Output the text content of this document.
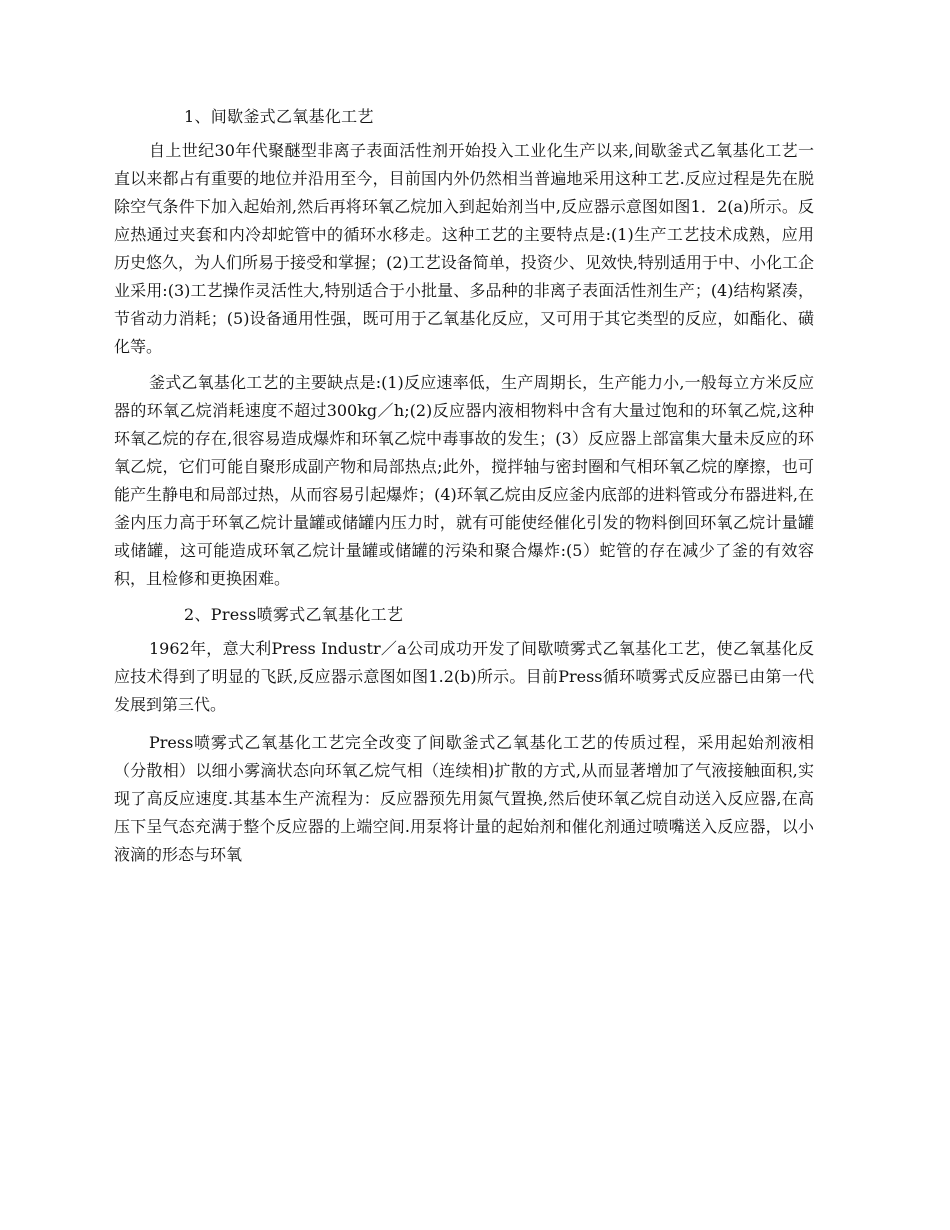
1、间歇釜式乙氧基化工艺

自上世纪30年代聚醚型非离子表面活性剂开始投入工业化生产以来,间歇釜式乙氧基化工艺一直以来都占有重要的地位并沿用至今，目前国内外仍然相当普遍地采用这种工艺.反应过程是先在脱除空气条件下加入起始剂,然后再将环氧乙烷加入到起始剂当中,反应器示意图如图1．2(a)所示。反应热通过夹套和内冷却蛇管中的循环水移走。这种工艺的主要特点是:(1)生产工艺技术成熟，应用历史悠久，为人们所易于接受和掌握；(2)工艺设备简单，投资少、见效快,特别适用于中、小化工企业采用:(3)工艺操作灵活性大,特别适合于小批量、多品种的非离子表面活性剂生产；(4)结构紧凑，节省动力消耗；(5)设备通用性强，既可用于乙氧基化反应，又可用于其它类型的反应，如酯化、磺化等。

釜式乙氧基化工艺的主要缺点是:(1)反应速率低，生产周期长，生产能力小,一般每立方米反应器的环氧乙烷消耗速度不超过300kg／h;(2)反应器内液相物料中含有大量过饱和的环氧乙烷,这种环氧乙烷的存在,很容易造成爆炸和环氧乙烷中毒事故的发生；(3）反应器上部富集大量未反应的环氧乙烷，它们可能自聚形成副产物和局部热点;此外，搅拌轴与密封圈和气相环氧乙烷的摩擦，也可能产生静电和局部过热，从而容易引起爆炸；(4)环氧乙烷由反应釜内底部的进料管或分布器进料,在釜内压力高于环氧乙烷计量罐或储罐内压力时，就有可能使经催化引发的物料倒回环氧乙烷计量罐或储罐，这可能造成环氧乙烷计量罐或储罐的污染和聚合爆炸:(5）蛇管的存在减少了釜的有效容积，且检修和更换困难。

2、Press喷雾式乙氧基化工艺

1962年，意大利Press Industr／a公司成功开发了间歇喷雾式乙氧基化工艺，使乙氧基化反应技术得到了明显的飞跃,反应器示意图如图1.2(b)所示。目前Press循环喷雾式反应器已由第一代发展到第三代。

Press喷雾式乙氧基化工艺完全改变了间歇釜式乙氧基化工艺的传质过程，采用起始剂液相（分散相）以细小雾滴状态向环氧乙烷气相（连续相)扩散的方式,从而显著增加了气液接触面积,实现了高反应速度.其基本生产流程为：反应器预先用氮气置换,然后使环氧乙烷自动送入反应器,在高压下呈气态充满于整个反应器的上端空间.用泵将计量的起始剂和催化剂通过喷嘴送入反应器，以小液滴的形态与环氧
